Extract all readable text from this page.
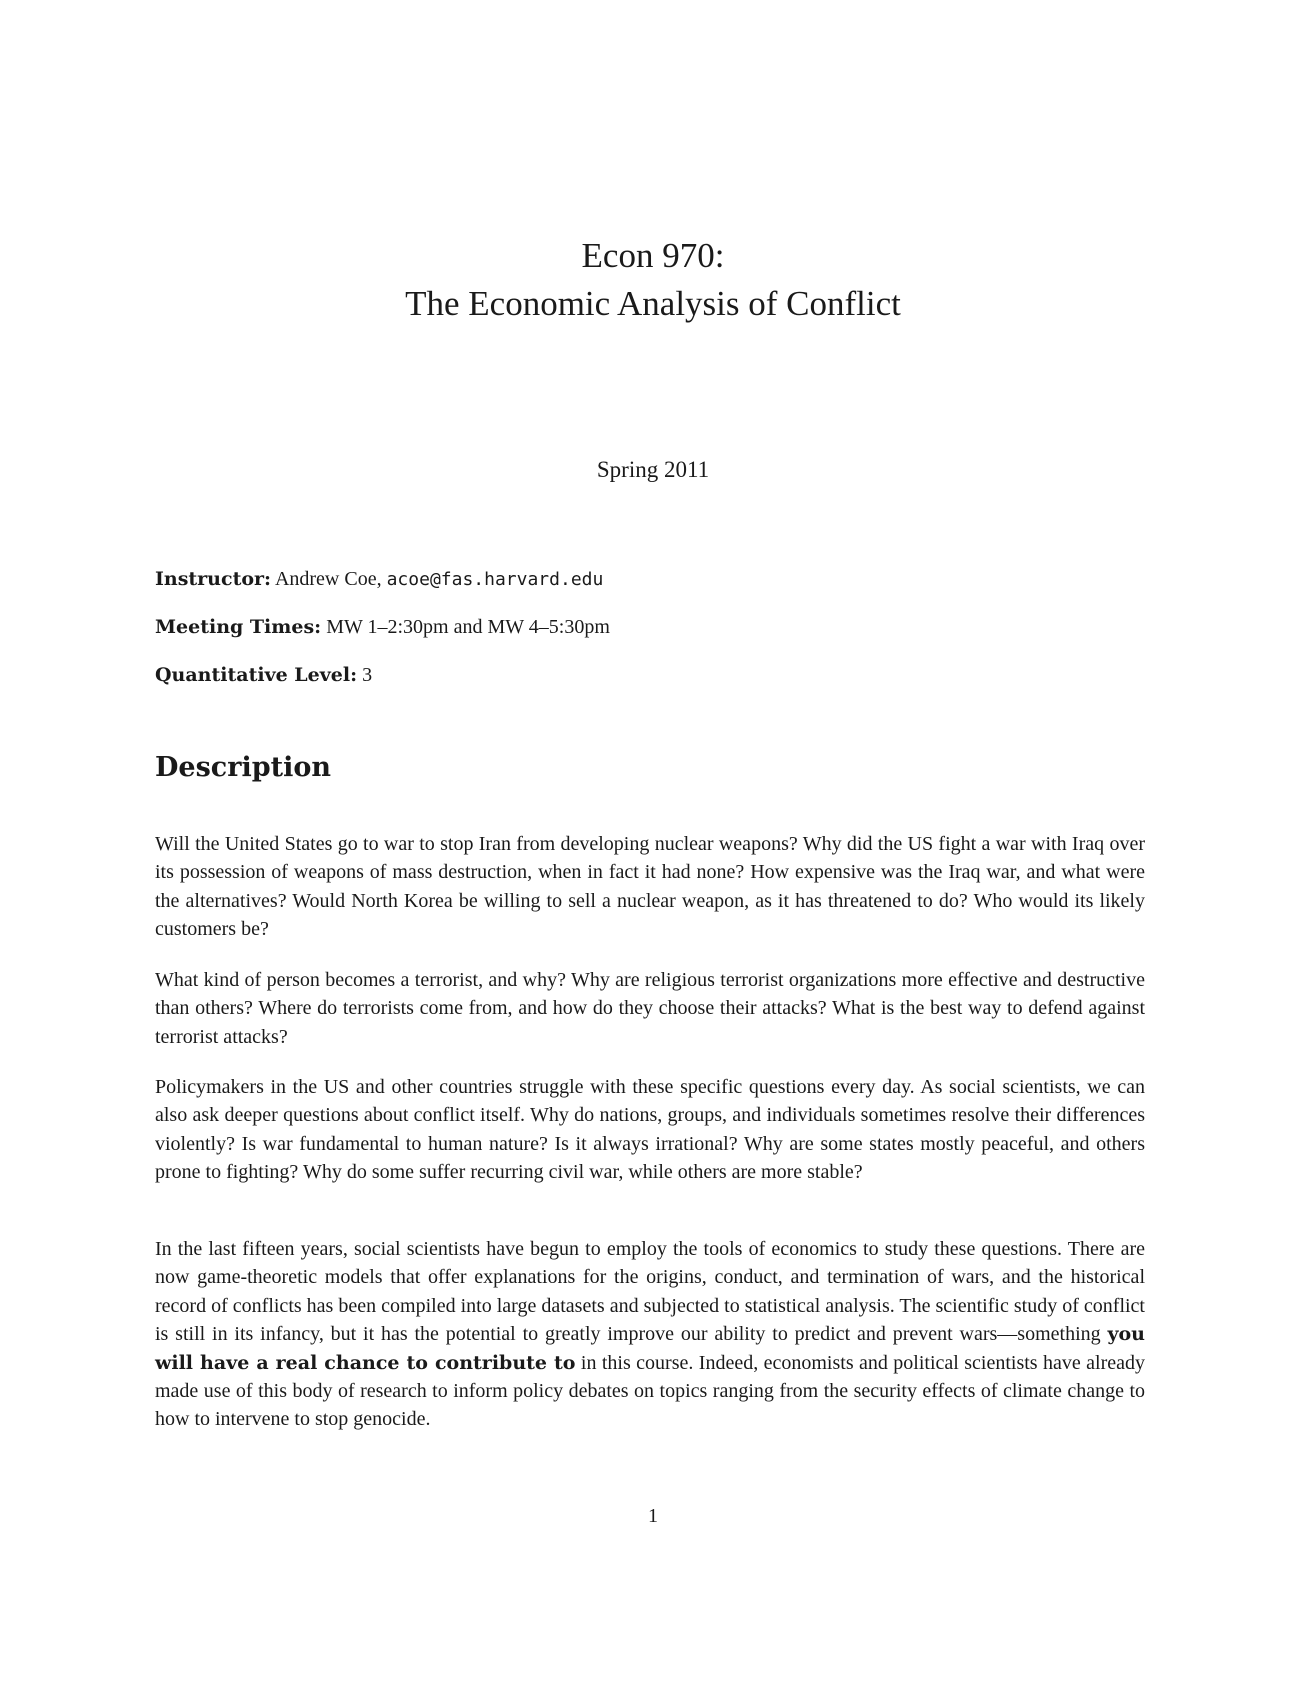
Econ 970:
The Economic Analysis of Conflict
Spring 2011
Instructor: Andrew Coe, acoe@fas.harvard.edu
Meeting Times: MW 1–2:30pm and MW 4–5:30pm
Quantitative Level: 3
Description

Will the United States go to war to stop Iran from developing nuclear weapons? Why did the US fight a war with Iraq over its possession of weapons of mass destruction, when in fact it had none? How expensive was the Iraq war, and what were the alternatives? Would North Korea be willing to sell a nuclear weapon, as it has threatened to do? Who would its likely customers be?

What kind of person becomes a terrorist, and why? Why are religious terrorist organizations more effective and destructive than others? Where do terrorists come from, and how do they choose their attacks? What is the best way to defend against terrorist attacks?

Policymakers in the US and other countries struggle with these specific questions every day. As social scientists, we can also ask deeper questions about conflict itself. Why do nations, groups, and individuals sometimes resolve their differences violently? Is war fundamental to human nature? Is it always irrational? Why are some states mostly peaceful, and others prone to fighting? Why do some suffer recurring civil war, while others are more stable?

In the last fifteen years, social scientists have begun to employ the tools of economics to study these questions. There are now game-theoretic models that offer explanations for the origins, conduct, and termination of wars, and the historical record of conflicts has been compiled into large datasets and subjected to statistical analysis. The scientific study of conflict is still in its infancy, but it has the potential to greatly improve our ability to predict and prevent wars—something you will have a real chance to contribute to in this course. Indeed, economists and political scientists have already made use of this body of research to inform policy debates on topics ranging from the security effects of climate change to how to intervene to stop genocide.

1
